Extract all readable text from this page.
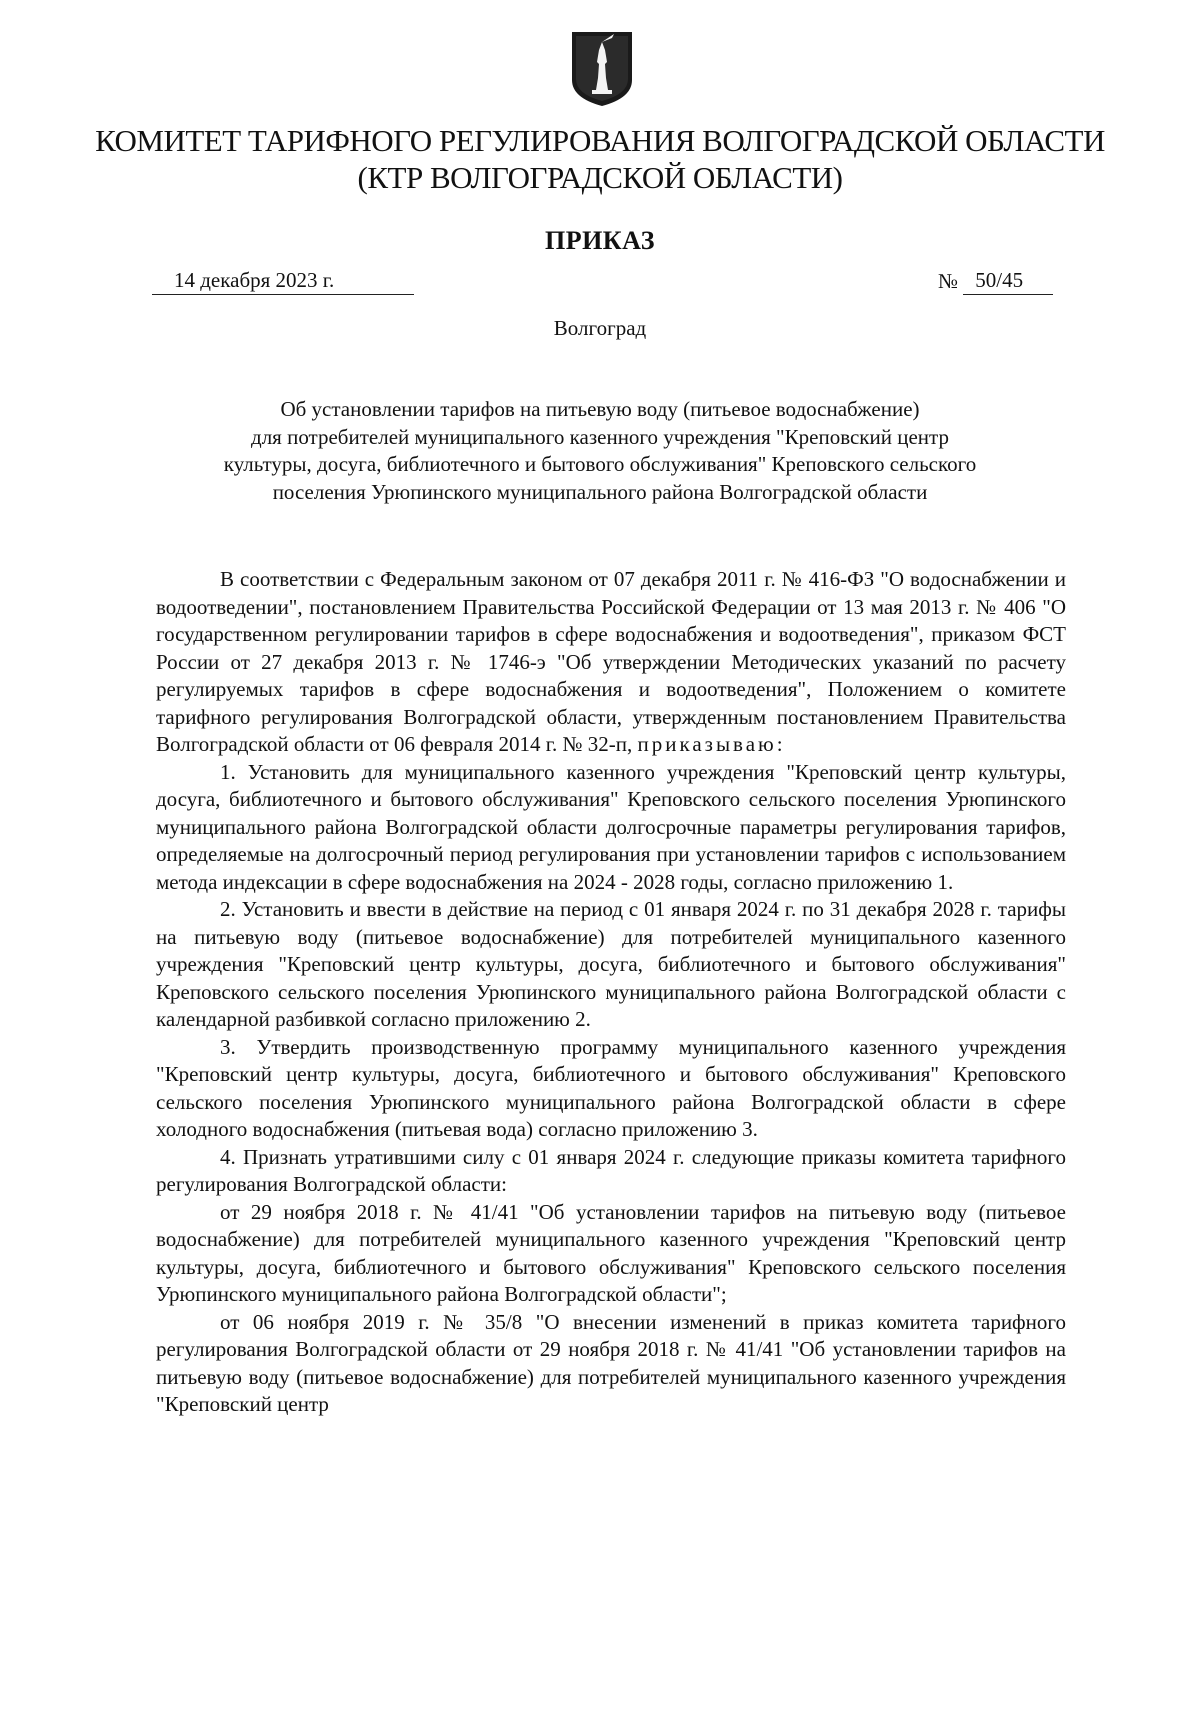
КОМИТЕТ ТАРИФНОГО РЕГУЛИРОВАНИЯ ВОЛГОГРАДСКОЙ ОБЛАСТИ
(КТР ВОЛГОГРАДСКОЙ ОБЛАСТИ)
ПРИКАЗ
14 декабря 2023 г.	№ 50/45
Волгоград
Об установлении тарифов на питьевую воду (питьевое водоснабжение)
для потребителей муниципального казенного учреждения "Креповский центр
культуры, досуга, библиотечного и бытового обслуживания" Креповского сельского
поселения Урюпинского муниципального района Волгоградской области

В соответствии с Федеральным законом от 07 декабря 2011 г. № 416-ФЗ "О водоснабжении и водоотведении", постановлением Правительства Российской Федерации от 13 мая 2013 г. № 406 "О государственном регулировании тарифов в сфере водоснабжения и водоотведения", приказом ФСТ России от 27 декабря 2013 г. № 1746-э "Об утверждении Методических указаний по расчету регулируемых тарифов в сфере водоснабжения и водоотведения", Положением о комитете тарифного регулирования Волгоградской области, утвержденным постановлением Правительства Волгоградской области от 06 февраля 2014 г. № 32-п, приказываю:

1. Установить для муниципального казенного учреждения "Креповский центр культуры, досуга, библиотечного и бытового обслуживания" Креповского сельского поселения Урюпинского муниципального района Волгоградской области долгосрочные параметры регулирования тарифов, определяемые на долгосрочный период регулирования при установлении тарифов с использованием метода индексации в сфере водоснабжения на 2024 - 2028 годы, согласно приложению 1.

2. Установить и ввести в действие на период с 01 января 2024 г. по 31 декабря 2028 г. тарифы на питьевую воду (питьевое водоснабжение) для потребителей муниципального казенного учреждения "Креповский центр культуры, досуга, библиотечного и бытового обслуживания" Креповского сельского поселения Урюпинского муниципального района Волгоградской области с календарной разбивкой согласно приложению 2.

3. Утвердить производственную программу муниципального казенного учреждения "Креповский центр культуры, досуга, библиотечного и бытового обслуживания" Креповского сельского поселения Урюпинского муниципального района Волгоградской области в сфере холодного водоснабжения (питьевая вода) согласно приложению 3.

4. Признать утратившими силу с 01 января 2024 г. следующие приказы комитета тарифного регулирования Волгоградской области:

от 29 ноября 2018 г. № 41/41 "Об установлении тарифов на питьевую воду (питьевое водоснабжение) для потребителей муниципального казенного учреждения "Креповский центр культуры, досуга, библиотечного и бытового обслуживания" Креповского сельского поселения Урюпинского муниципального района Волгоградской области";

от 06 ноября 2019 г. № 35/8 "О внесении изменений в приказ комитета тарифного регулирования Волгоградской области от 29 ноября 2018 г. № 41/41 "Об установлении тарифов на питьевую воду (питьевое водоснабжение) для потребителей муниципального казенного учреждения "Креповский центр
